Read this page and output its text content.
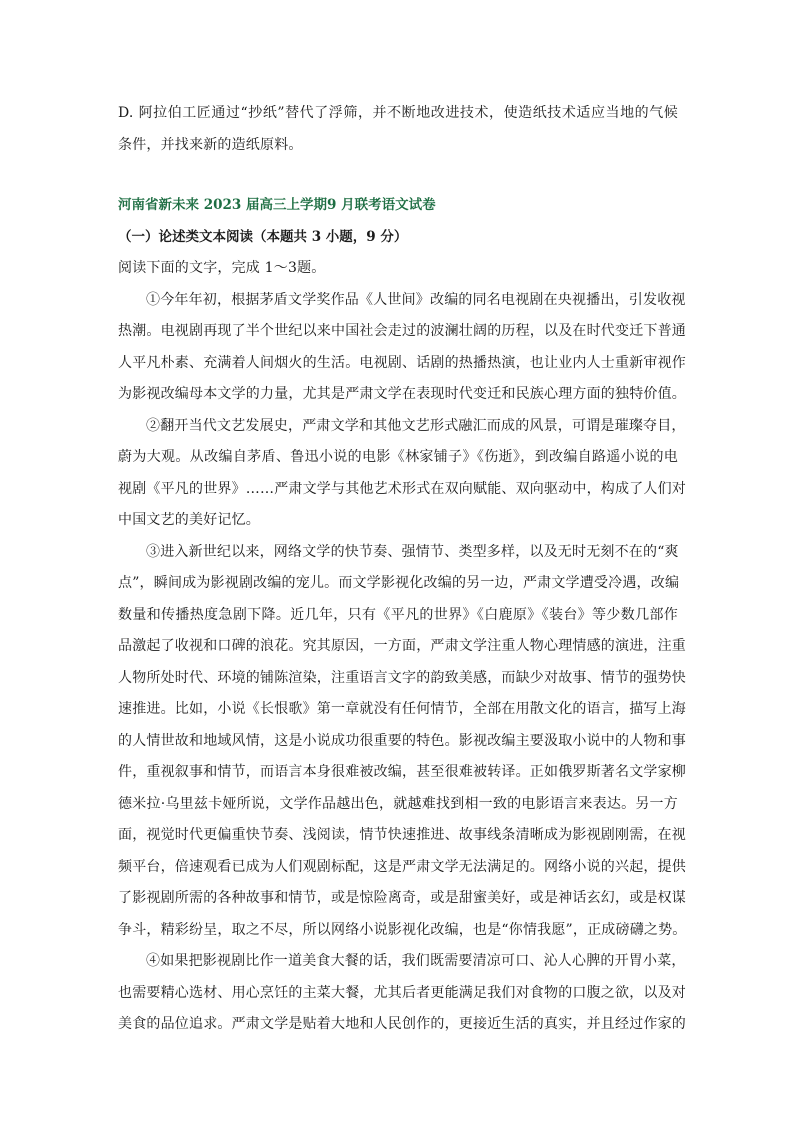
D. 阿拉伯工匠通过“抄纸”替代了浮筛，并不断地改进技术，使造纸技术适应当地的气候
条件，并找来新的造纸原料。
河南省新未来 2023 届高三上学期9 月联考语文试卷
（一）论述类文本阅读（本题共 3 小题，9 分）
阅读下面的文字，完成 1～3题。
①今年年初，根据茅盾文学奖作品《人世间》改编的同名电视剧在央视播出，引发收视
热潮。电视剧再现了半个世纪以来中国社会走过的波澜壮阔的历程，以及在时代变迁下普通
人平凡朴素、充满着人间烟火的生活。电视剧、话剧的热播热演，也让业内人士重新审视作
为影视改编母本文学的力量，尤其是严肃文学在表现时代变迁和民族心理方面的独特价值。
②翻开当代文艺发展史，严肃文学和其他文艺形式融汇而成的风景，可谓是璀璨夺目，
蔚为大观。从改编自茅盾、鲁迅小说的电影《林家铺子》《伤逝》，到改编自路遥小说的电
视剧《平凡的世界》……严肃文学与其他艺术形式在双向赋能、双向驱动中，构成了人们对
中国文艺的美好记忆。
③进入新世纪以来，网络文学的快节奏、强情节、类型多样，以及无时无刻不在的“爽
点”，瞬间成为影视剧改编的宠儿。而文学影视化改编的另一边，严肃文学遭受冷遇，改编
数量和传播热度急剧下降。近几年，只有《平凡的世界》《白鹿原》《装台》等少数几部作
品激起了收视和口碑的浪花。究其原因，一方面，严肃文学注重人物心理情感的演进，注重
人物所处时代、环境的铺陈渲染，注重语言文字的韵致美感，而缺少对故事、情节的强势快
速推进。比如，小说《长恨歌》第一章就没有任何情节，全部在用散文化的语言，描写上海
的人情世故和地域风情，这是小说成功很重要的特色。影视改编主要汲取小说中的人物和事
件，重视叙事和情节，而语言本身很难被改编，甚至很难被转译。正如俄罗斯著名文学家柳
德米拉·乌里兹卡娅所说，文学作品越出色，就越难找到相一致的电影语言来表达。另一方
面，视觉时代更偏重快节奏、浅阅读，情节快速推进、故事线条清晰成为影视剧刚需，在视
频平台，倍速观看已成为人们观剧标配，这是严肃文学无法满足的。网络小说的兴起，提供
了影视剧所需的各种故事和情节，或是惊险离奇，或是甜蜜美好，或是神话玄幻，或是权谋
争斗，精彩纷呈，取之不尽，所以网络小说影视化改编，也是“你情我愿”，正成磅礴之势。
④如果把影视剧比作一道美食大餐的话，我们既需要清凉可口、沁人心脾的开胃小菜，
也需要精心选材、用心烹饪的主菜大餐，尤其后者更能满足我们对食物的口腹之欲，以及对
美食的品位追求。严肃文学是贴着大地和人民创作的，更接近生活的真实，并且经过作家的
